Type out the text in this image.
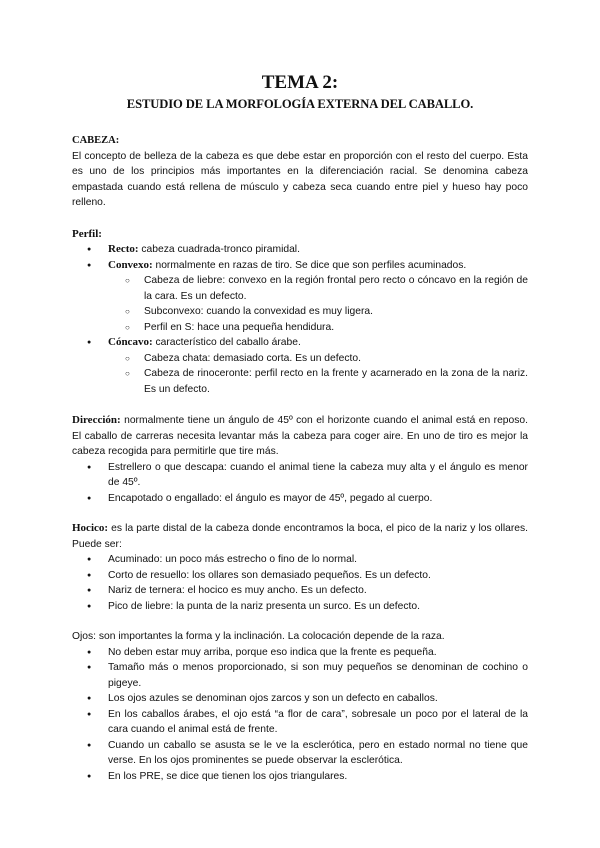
TEMA 2:
ESTUDIO DE LA MORFOLOGÍA EXTERNA DEL CABALLO.

CABEZA:

El concepto de belleza de la cabeza es que debe estar en proporción con el resto del cuerpo. Esta es uno de los principios más importantes en la diferenciación racial. Se denomina cabeza empastada cuando está rellena de músculo y cabeza seca cuando entre piel y hueso hay poco relleno.

Perfil:

● Recto: cabeza cuadrada-tronco piramidal.
● Convexo: normalmente en razas de tiro. Se dice que son perfiles acuminados.
○ Cabeza de liebre: convexo en la región frontal pero recto o cóncavo en la región de la cara. Es un defecto.
○ Subconvexo: cuando la convexidad es muy ligera.
○ Perfil en S: hace una pequeña hendidura.
● Cóncavo: característico del caballo árabe.
○ Cabeza chata: demasiado corta. Es un defecto.
○ Cabeza de rinoceronte: perfil recto en la frente y acarnerado en la zona de la nariz. Es un defecto.

Dirección: normalmente tiene un ángulo de 45º con el horizonte cuando el animal está en reposo. El caballo de carreras necesita levantar más la cabeza para coger aire. En uno de tiro es mejor la cabeza recogida para permitirle que tire más.

● Estrellero o que descapa: cuando el animal tiene la cabeza muy alta y el ángulo es menor de 45º.
● Encapotado o engallado: el ángulo es mayor de 45º, pegado al cuerpo.

Hocico: es la parte distal de la cabeza donde encontramos la boca, el pico de la nariz y los ollares. Puede ser:

● Acuminado: un poco más estrecho o fino de lo normal.
● Corto de resuello: los ollares son demasiado pequeños. Es un defecto.
● Nariz de ternera: el hocico es muy ancho. Es un defecto.
● Pico de liebre: la punta de la nariz presenta un surco. Es un defecto.

Ojos: son importantes la forma y la inclinación. La colocación depende de la raza.

● No deben estar muy arriba, porque eso indica que la frente es pequeña.
● Tamaño más o menos proporcionado, si son muy pequeños se denominan de cochino o pigeye.
● Los ojos azules se denominan ojos zarcos y son un defecto en caballos.
● En los caballos árabes, el ojo está “a flor de cara”, sobresale un poco por el lateral de la cara cuando el animal está de frente.
● Cuando un caballo se asusta se le ve la esclerótica, pero en estado normal no tiene que verse. En los ojos prominentes se puede observar la esclerótica.
● En los PRE, se dice que tienen los ojos triangulares.
